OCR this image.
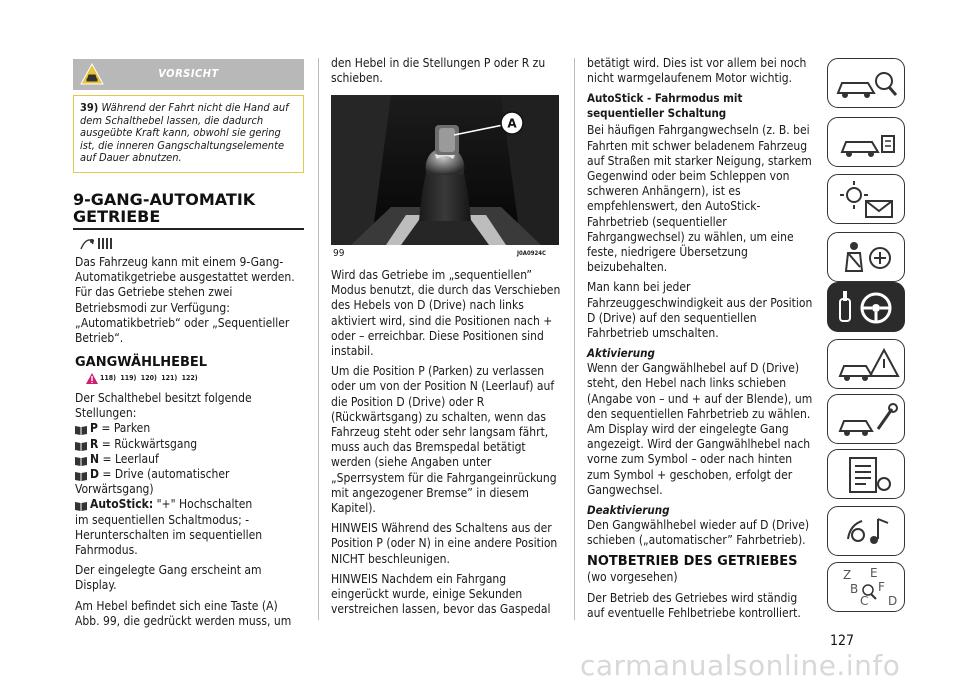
VORSICHT
39) Während der Fahrt nicht die Hand auf dem Schalthebel lassen, die dadurch ausgeübte Kraft kann, obwohl sie gering ist, die inneren Gangschaltungselemente auf Dauer abnutzen.
9-GANG-AUTOMATIK
GETRIEBE

Das Fahrzeug kann mit einem 9-Gang-Automatikgetriebe ausgestattet werden. Für das Getriebe stehen zwei Betriebsmodi zur Verfügung: „Automatikbetrieb“ oder „Sequentieller Betrieb“.

GANGWÄHLHEBEL
118)  119)  120)  121)  122)

Der Schalthebel besitzt folgende Stellungen:

P
= Parken
R
= Rückwärtsgang
N
= Leerlauf
D
= Drive (automatischer

Vorwärtsgang)

AutoStick:
"+" Hochschalten

im sequentiellen Schaltmodus; - Herunterschalten im sequentiellen Fahrmodus.

Der eingelegte Gang erscheint am Display.

Am Hebel befindet sich eine Taste (A) Abb. 99, die gedrückt werden muss, um

den Hebel in die Stellungen P oder R zu schieben.

A
99	J0A0924C

Wird das Getriebe im „sequentiellen” Modus benutzt, die durch das Verschieben des Hebels von D (Drive) nach links aktiviert wird, sind die Positionen nach + oder – erreichbar. Diese Positionen sind instabil.

Um die Position P (Parken) zu verlassen oder um von der Position N (Leerlauf) auf die Position D (Drive) oder R (Rückwärtsgang) zu schalten, wenn das Fahrzeug steht oder sehr langsam fährt, muss auch das Bremspedal betätigt werden (siehe Angaben unter „Sperrsystem für die Fahrgangeinrückung mit angezogener Bremse” in diesem Kapitel).

HINWEIS Während des Schaltens aus der Position P (oder N) in eine andere Position NICHT beschleunigen.

HINWEIS Nachdem ein Fahrgang eingerückt wurde, einige Sekunden verstreichen lassen, bevor das Gaspedal

betätigt wird. Dies ist vor allem bei noch nicht warmgelaufenem Motor wichtig.

AutoStick - Fahrmodus mit sequentieller Schaltung

Bei häufigen Fahrgangwechseln (z. B. bei Fahrten mit schwer beladenem Fahrzeug auf Straßen mit starker Neigung, starkem Gegenwind oder beim Schleppen von schweren Anhängern), ist es empfehlenswert, den AutoStick-Fahrbetrieb (sequentieller Fahrgangwechsel) zu wählen, um eine feste, niedrigere Übersetzung beizubehalten.

Man kann bei jeder Fahrzeuggeschwindigkeit aus der Position D (Drive) auf den sequentiellen Fahrbetrieb umschalten.

Aktivierung

Wenn der Gangwählhebel auf D (Drive) steht, den Hebel nach links schieben (Angabe von – und + auf der Blende), um den sequentiellen Fahrbetrieb zu wählen. Am Display wird der eingelegte Gang angezeigt. Wird der Gangwählhebel nach vorne zum Symbol – oder nach hinten zum Symbol + geschoben, erfolgt der Gangwechsel.

Deaktivierung

Den Gangwählhebel wieder auf D (Drive) schieben („automatischer” Fahrbetrieb).

NOTBETRIEB DES GETRIEBES

(wo vorgesehen)

Der Betrieb des Getriebes wird ständig auf eventuelle Fehlbetriebe kontrolliert.

Z E
B F
C D
127
carmanualsonline.info
